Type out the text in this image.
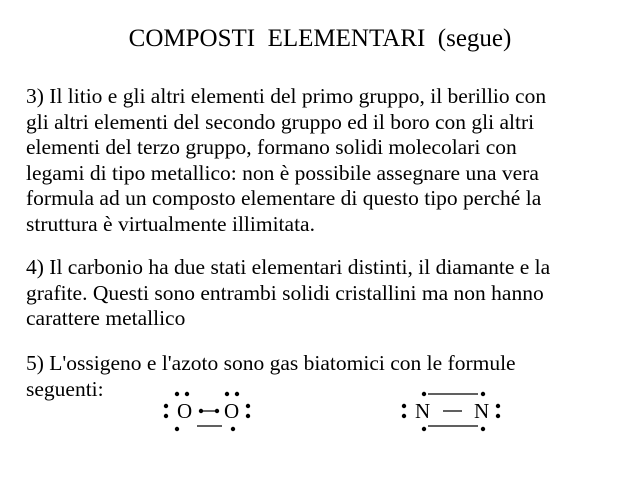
COMPOSTI  ELEMENTARI  (segue)
3) Il litio e gli altri elementi del primo gruppo, il berillio con
gli altri elementi del secondo gruppo ed il boro con gli altri
elementi del terzo gruppo, formano solidi molecolari con
legami di tipo metallico: non è possibile assegnare una vera
formula ad un composto elementare di questo tipo perché la
struttura è virtualmente illimitata.
4) Il carbonio ha due stati elementari distinti, il diamante e la
grafite. Questi sono entrambi solidi cristallini ma non hanno
carattere metallico
5) L'ossigeno e l'azoto sono gas biatomici con le formule
seguenti:
O O	N N
